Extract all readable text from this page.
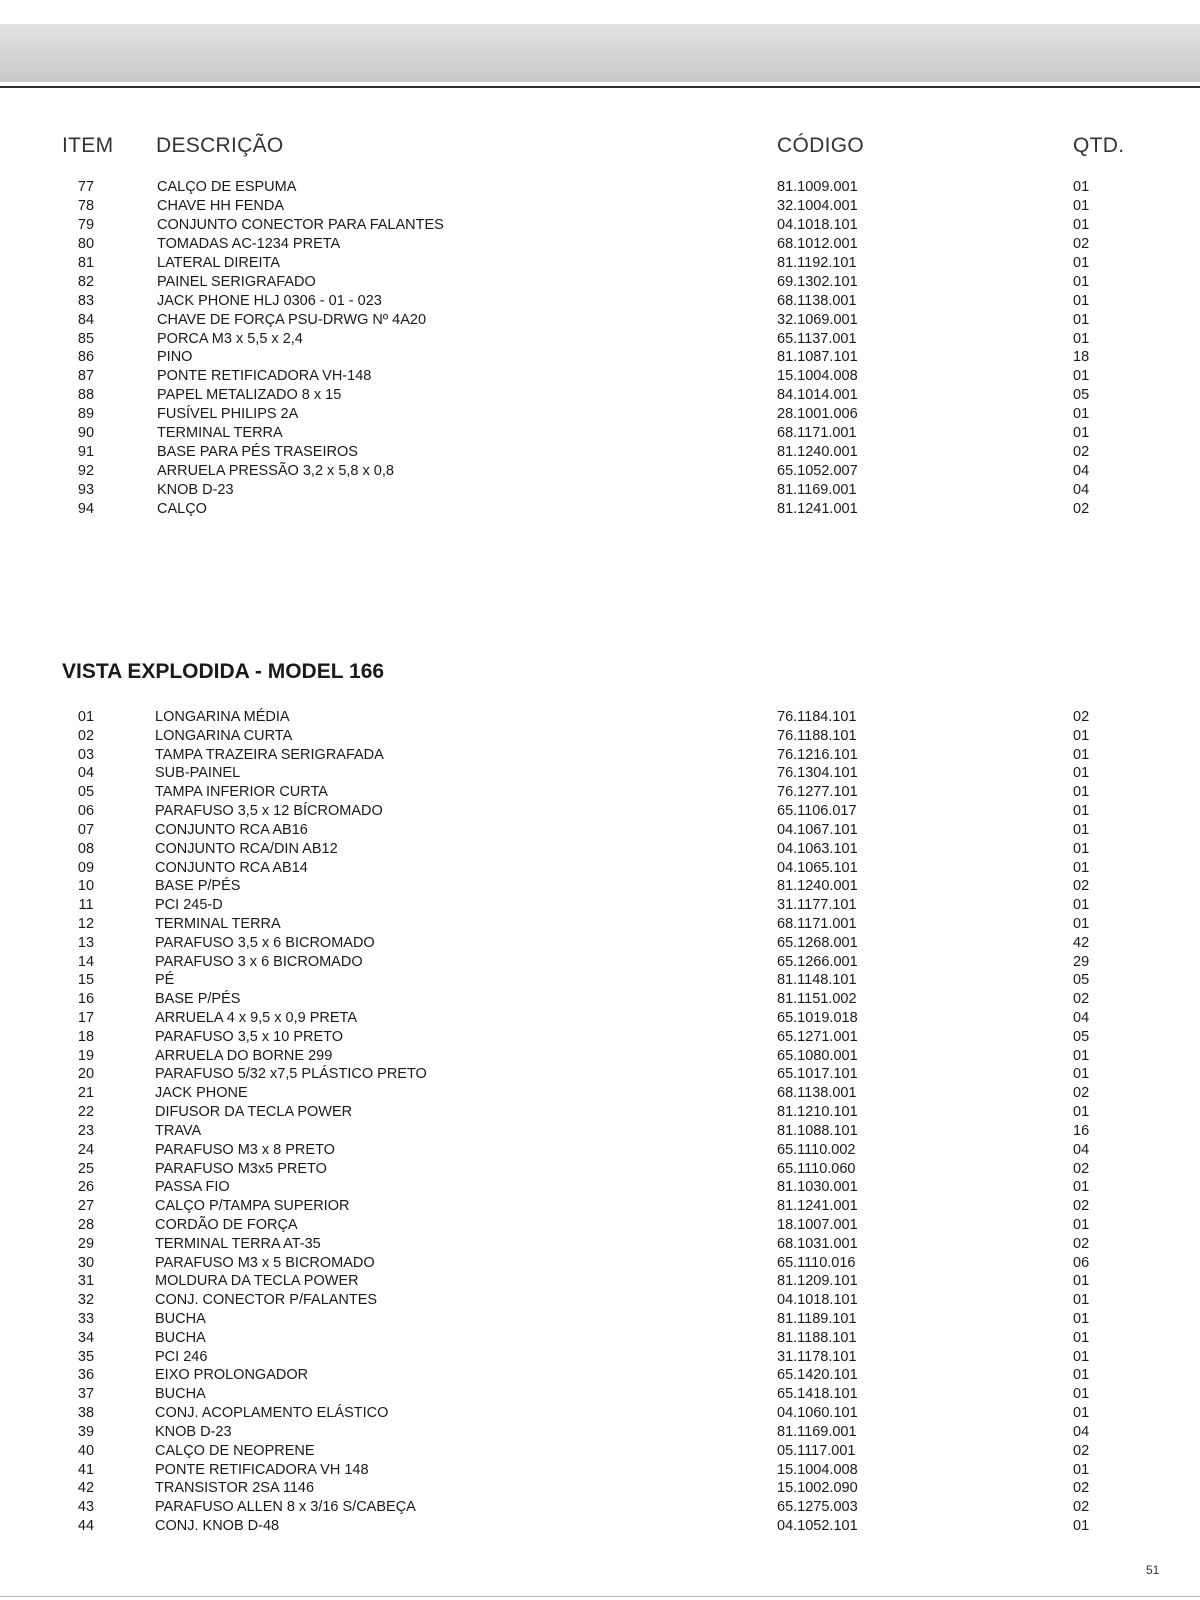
ITEM DESCRIÇÃO	CÓDIGO	QTD.
77	CALÇO DE ESPUMA	81.1009.001	01
78	CHAVE HH FENDA	32.1004.001	01
79	CONJUNTO CONECTOR PARA FALANTES	04.1018.101	01
80	TOMADAS AC-1234 PRETA	68.1012.001	02
81	LATERAL DIREITA	81.1192.101	01
82	PAINEL SERIGRAFADO	69.1302.101	01
83	JACK PHONE HLJ 0306 - 01 - 023	68.1138.001	01
84	CHAVE DE FORÇA PSU-DRWG Nº 4A20	32.1069.001	01
85	PORCA M3 x 5,5 x 2,4	65.1137.001	01
86	PINO	81.1087.101	18
87	PONTE RETIFICADORA VH-148	15.1004.008	01
88	PAPEL METALIZADO 8 x 15	84.1014.001	05
89	FUSÍVEL PHILIPS 2A	28.1001.006	01
90	TERMINAL TERRA	68.1171.001	01
91	BASE PARA PÉS TRASEIROS	81.1240.001	02
92	ARRUELA PRESSÃO 3,2 x 5,8 x 0,8	65.1052.007	04
93	KNOB D-23	81.1169.001	04
94	CALÇO	81.1241.001	02
VISTA EXPLODIDA - MODEL 166
01	LONGARINA MÉDIA	76.1184.101	02
02	LONGARINA CURTA	76.1188.101	01
03	TAMPA TRAZEIRA SERIGRAFADA	76.1216.101	01
04	SUB-PAINEL	76.1304.101	01
05	TAMPA INFERIOR CURTA	76.1277.101	01
06	PARAFUSO 3,5 x 12 BÍCROMADO	65.1106.017	01
07	CONJUNTO RCA AB16	04.1067.101	01
08	CONJUNTO RCA/DIN AB12	04.1063.101	01
09	CONJUNTO RCA AB14	04.1065.101	01
10	BASE P/PÉS	81.1240.001	02
11	PCI 245-D	31.1177.101	01
12	TERMINAL TERRA	68.1171.001	01
13	PARAFUSO 3,5 x 6 BICROMADO	65.1268.001	42
14	PARAFUSO 3 x 6 BICROMADO	65.1266.001	29
15	PÉ	81.1148.101	05
16	BASE P/PÉS	81.1151.002	02
17	ARRUELA 4 x 9,5 x 0,9 PRETA	65.1019.018	04
18	PARAFUSO 3,5 x 10 PRETO	65.1271.001	05
19	ARRUELA DO BORNE 299	65.1080.001	01
20	PARAFUSO 5/32 x7,5 PLÁSTICO PRETO	65.1017.101	01
21	JACK PHONE	68.1138.001	02
22	DIFUSOR DA TECLA POWER	81.1210.101	01
23	TRAVA	81.1088.101	16
24	PARAFUSO M3 x 8 PRETO	65.1110.002	04
25	PARAFUSO M3x5 PRETO	65.1110.060	02
26	PASSA FIO	81.1030.001	01
27	CALÇO P/TAMPA SUPERIOR	81.1241.001	02
28	CORDÃO DE FORÇA	18.1007.001	01
29	TERMINAL TERRA AT-35	68.1031.001	02
30	PARAFUSO M3 x 5 BICROMADO	65.1110.016	06
31	MOLDURA DA TECLA POWER	81.1209.101	01
32	CONJ. CONECTOR P/FALANTES	04.1018.101	01
33	BUCHA	81.1189.101	01
34	BUCHA	81.1188.101	01
35	PCI 246	31.1178.101	01
36	EIXO PROLONGADOR	65.1420.101	01
37	BUCHA	65.1418.101	01
38	CONJ. ACOPLAMENTO ELÁSTICO	04.1060.101	01
39	KNOB D-23	81.1169.001	04
40	CALÇO DE NEOPRENE	05.1117.001	02
41	PONTE RETIFICADORA VH 148	15.1004.008	01
42	TRANSISTOR 2SA 1146	15.1002.090	02
43	PARAFUSO ALLEN 8 x 3/16 S/CABEÇA	65.1275.003	02
44	CONJ. KNOB D-48	04.1052.101	01
51
